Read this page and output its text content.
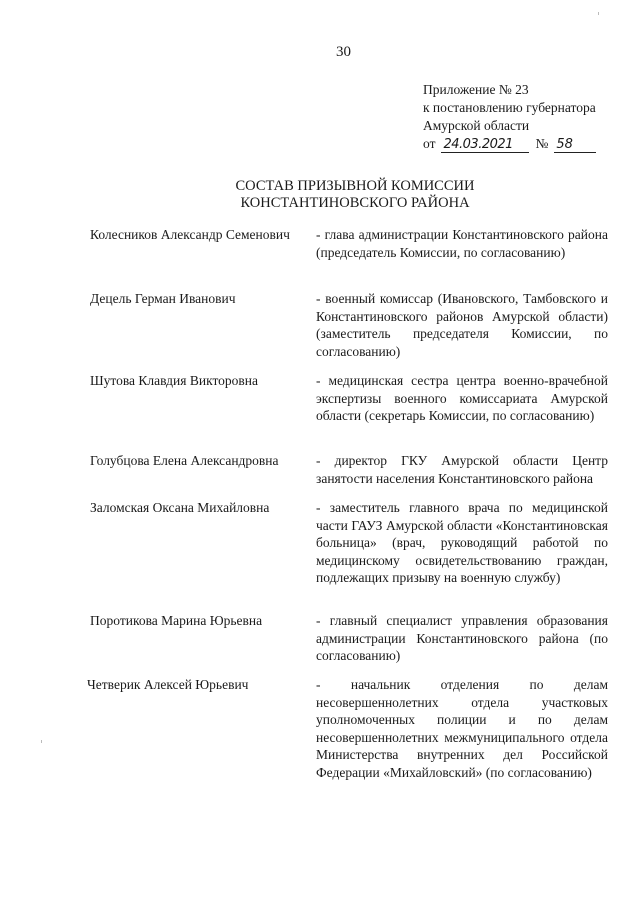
30
Приложение № 23
к постановлению губернатора
Амурской области
от 24.03.2021	№ 58
СОСТАВ ПРИЗЫВНОЙ КОМИССИИ
КОНСТАНТИНОВСКОГО РАЙОНА
Колесников Александр Семенович - глава администрации Константиновского района (председатель Комиссии, по согласованию)
Децель Герман Иванович	- военный комиссар (Ивановского, Тамбовского и Константиновского районов Амурской области) (заместитель председателя Комиссии, по согласованию)
Шутова Клавдия Викторовна	- медицинская сестра центра военно-врачебной экспертизы военного комиссариата Амурской области (секретарь Комиссии, по согласованию)
Голубцова Елена Александровна	- директор ГКУ Амурской области Центр занятости населения Константиновского района
Заломская Оксана Михайловна	- заместитель главного врача по медицинской части ГАУЗ Амурской области «Константиновская больница» (врач, руководящий работой по медицинскому освидетельствованию граждан, подлежащих призыву на военную службу)
Поротикова Марина Юрьевна	- главный специалист управления образования администрации Константиновского района (по согласованию)
Четверик Алексей Юрьевич	- начальник отделения по делам несовершеннолетних отдела участковых уполномоченных полиции и по делам несовершеннолетних межмуниципального отдела Министерства внутренних дел Российской Федерации «Михайловский» (по согласованию)
